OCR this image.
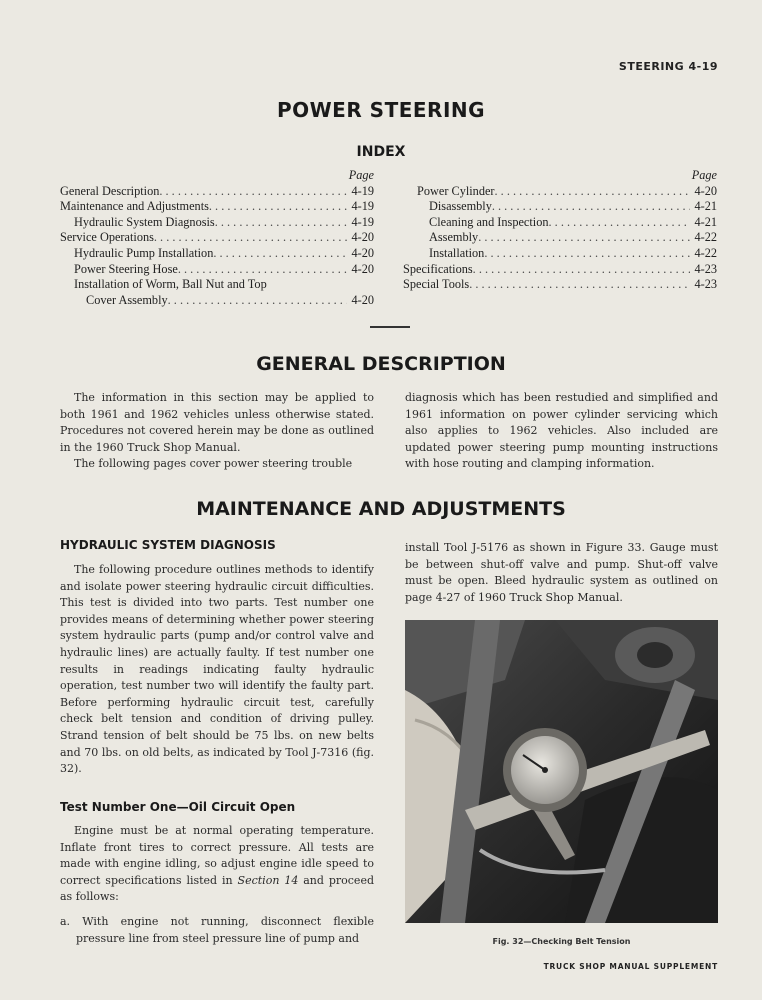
STEERING 4-19
POWER STEERING
INDEX
Page
General Description . . .	4-19
Maintenance and Adjustments . . .	4-19
Hydraulic System Diagnosis . . .	4-19
Service Operations . . .	4-20
Hydraulic Pump Installation . . .	4-20
Power Steering Hose . . .	4-20
Installation of Worm, Ball Nut and Top
Cover Assembly . . .	4-20
Page
Power Cylinder . . .	4-20
Disassembly . . .	4-21
Cleaning and Inspection . . .	4-21
Assembly . . .	4-22
Installation . . .	4-22
Specifications . . .	4-23
Special Tools . . .	4-23
GENERAL DESCRIPTION

The information in this section may be applied to both 1961 and 1962 vehicles unless otherwise stated. Procedures not covered herein may be done as outlined in the 1960 Truck Shop Manual.

The following pages cover power steering trouble

diagnosis which has been restudied and simplified and 1961 information on power cylinder servicing which also applies to 1962 vehicles. Also included are updated power steering pump mounting instructions with hose routing and clamping information.

MAINTENANCE AND ADJUSTMENTS
HYDRAULIC SYSTEM DIAGNOSIS

The following procedure outlines methods to identify and isolate power steering hydraulic circuit difficulties. This test is divided into two parts. Test number one provides means of determining whether power steering system hydraulic parts (pump and/or control valve and hydraulic lines) are actually faulty. If test number one results in readings indicating faulty hydraulic operation, test number two will identify the faulty part. Before performing hydraulic circuit test, carefully check belt tension and condition of driving pulley. Strand tension of belt should be 75 lbs. on new belts and 70 lbs. on old belts, as indicated by Tool J-7316 (fig. 32).

Test Number One—Oil Circuit Open

Engine must be at normal operating temperature. Inflate front tires to correct pressure. All tests are made with engine idling, so adjust engine idle speed to correct specifications listed in Section 14 and proceed as follows:

a. With engine not running, disconnect flexible pressure line from steel pressure line of pump and

install Tool J-5176 as shown in Figure 33. Gauge must be between shut-off valve and pump. Shut-off valve must be open. Bleed hydraulic system as outlined on page 4-27 of 1960 Truck Shop Manual.

Fig. 32—Checking Belt Tension
TRUCK SHOP MANUAL SUPPLEMENT
